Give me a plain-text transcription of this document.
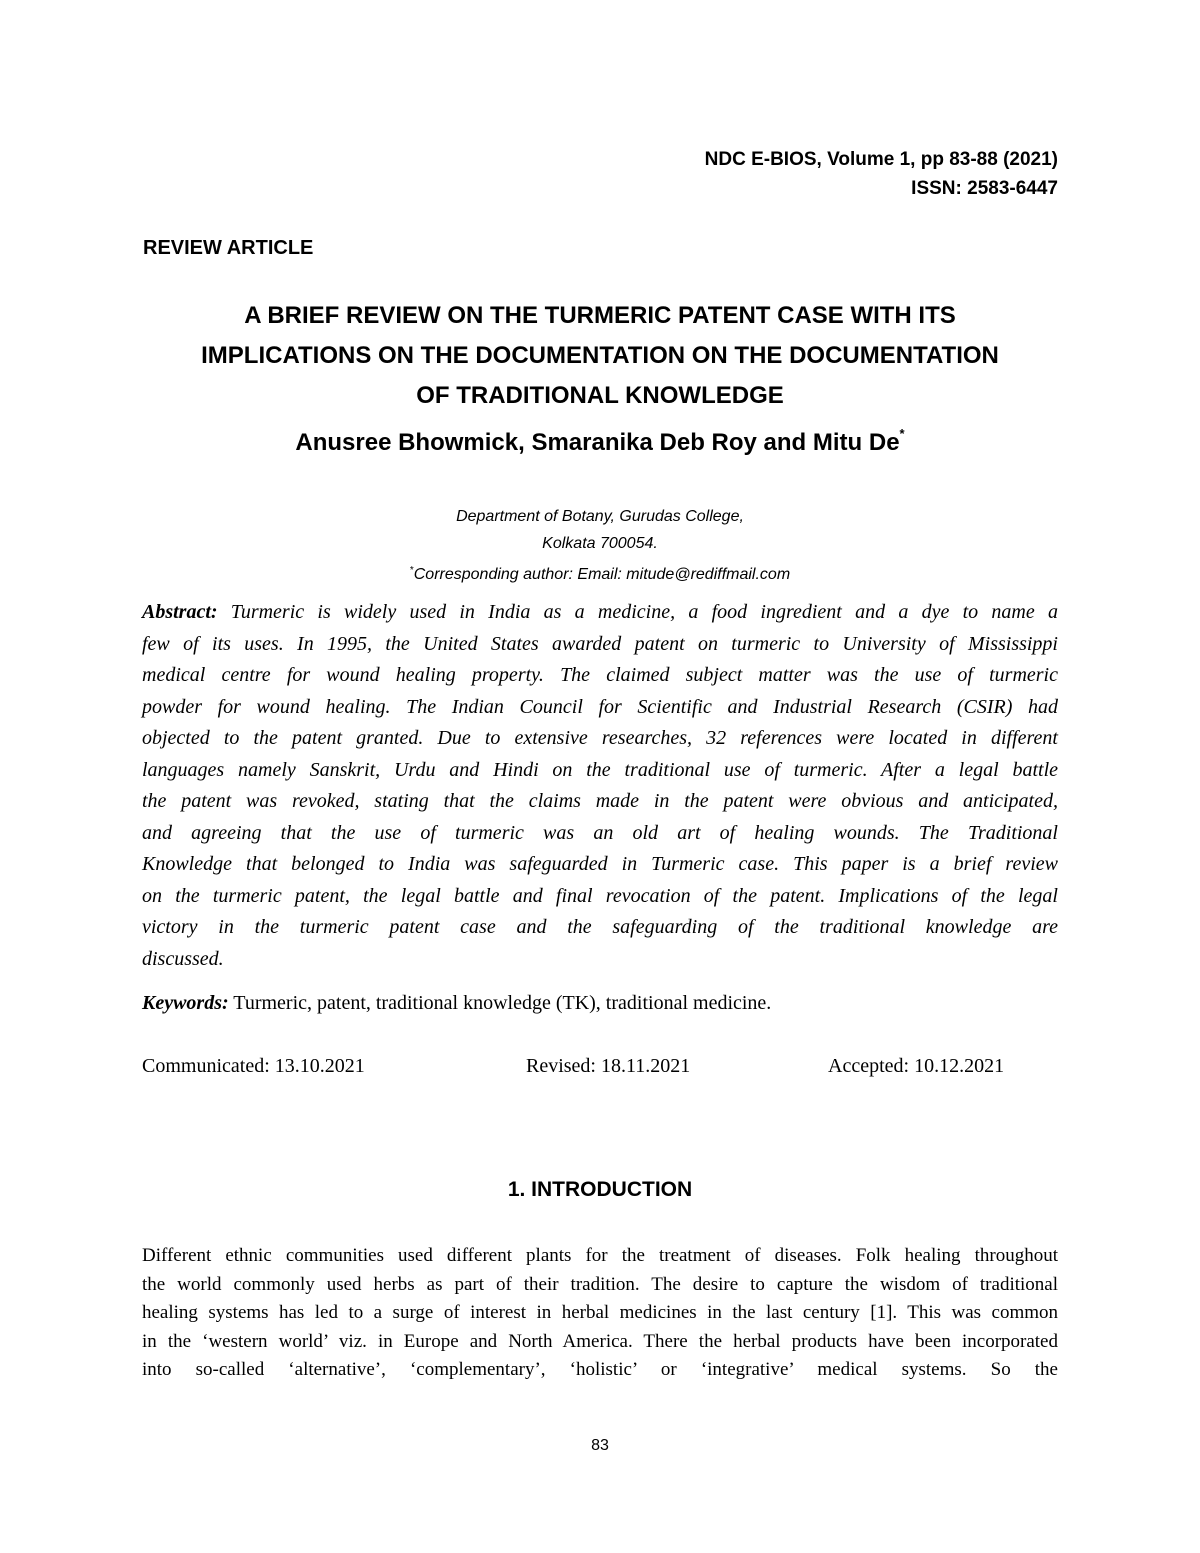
NDC E-BIOS, Volume 1, pp 83-88 (2021)
ISSN: 2583-6447
REVIEW ARTICLE
A BRIEF REVIEW ON THE TURMERIC PATENT CASE WITH ITS
IMPLICATIONS ON THE DOCUMENTATION ON THE DOCUMENTATION
OF TRADITIONAL KNOWLEDGE
Anusree Bhowmick, Smaranika Deb Roy and Mitu De*
Department of Botany, Gurudas College,
Kolkata 700054.
*Corresponding author: Email: mitude@rediffmail.com
Abstract: Turmeric is widely used in India as a medicine, a food ingredient and a dye to name a
few of its uses. In 1995, the United States awarded patent on turmeric to University of Mississippi
medical centre for wound healing property. The claimed subject matter was the use of turmeric
powder for wound healing. The Indian Council for Scientific and Industrial Research (CSIR) had
objected to the patent granted. Due to extensive researches, 32 references were located in different
languages namely Sanskrit, Urdu and Hindi on the traditional use of turmeric. After a legal battle
the patent was revoked, stating that the claims made in the patent were obvious and anticipated,
and agreeing that the use of turmeric was an old art of healing wounds. The Traditional
Knowledge that belonged to India was safeguarded in Turmeric case. This paper is a brief review
on the turmeric patent, the legal battle and final revocation of the patent. Implications of the legal
victory in the turmeric patent case and the safeguarding of the traditional knowledge are
discussed.
Keywords: Turmeric, patent, traditional knowledge (TK), traditional medicine.
Communicated: 13.10.2021	Revised: 18.11.2021	Accepted: 10.12.2021
1. INTRODUCTION
Different ethnic communities used different plants for the treatment of diseases. Folk healing throughout
the world commonly used herbs as part of their tradition. The desire to capture the wisdom of traditional
healing systems has led to a surge of interest in herbal medicines in the last century [1]. This was common
in the ‘western world’ viz. in Europe and North America. There the herbal products have been incorporated
into so-called ‘alternative’, ‘complementary’, ‘holistic’ or ‘integrative’ medical systems. So the
83
